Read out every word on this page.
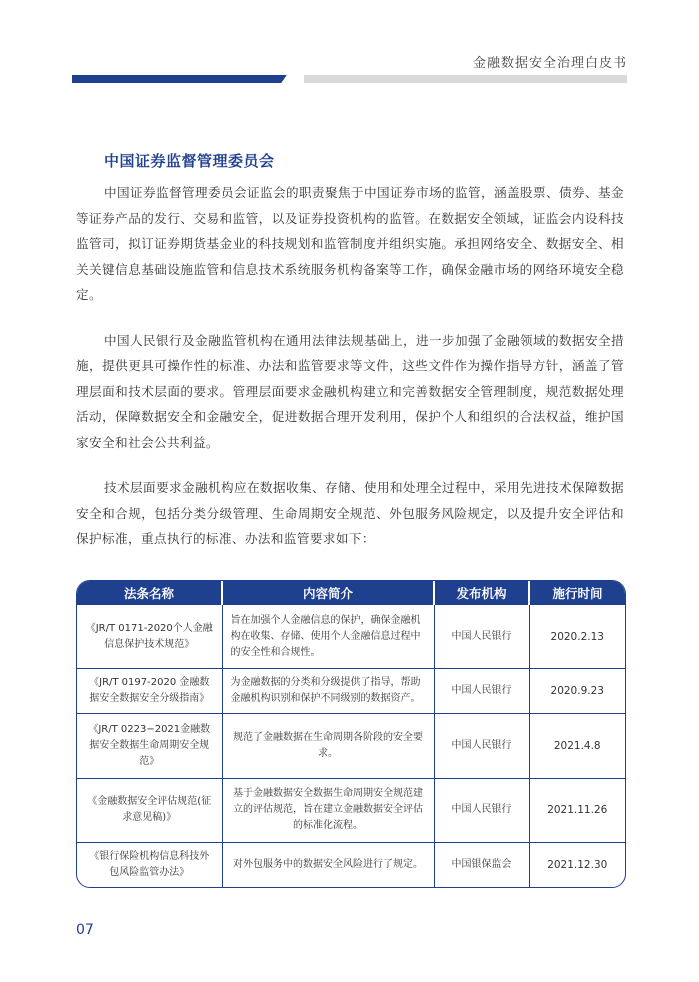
金融数据安全治理白皮书
中国证券监督管理委员会

中国证券监督管理委员会证监会的职责聚焦于中国证券市场的监管，涵盖股票、债券、基金等证券产品的发行、交易和监管，以及证券投资机构的监管。在数据安全领域，证监会内设科技监管司，拟订证券期货基金业的科技规划和监管制度并组织实施。承担网络安全、数据安全、相关关键信息基础设施监管和信息技术系统服务机构备案等工作，确保金融市场的网络环境安全稳定。

中国人民银行及金融监管机构在通用法律法规基础上，进一步加强了金融领域的数据安全措施，提供更具可操作性的标准、办法和监管要求等文件，这些文件作为操作指导方针，涵盖了管理层面和技术层面的要求。管理层面要求金融机构建立和完善数据安全管理制度，规范数据处理活动，保障数据安全和金融安全，促进数据合理开发利用，保护个人和组织的合法权益，维护国家安全和社会公共利益。

技术层面要求金融机构应在数据收集、存储、使用和处理全过程中，采用先进技术保障数据安全和合规，包括分类分级管理、生命周期安全规范、外包服务风险规定，以及提升安全评估和保护标准，重点执行的标准、办法和监管要求如下：

法条名称	内容简介	发布机构	施行时间
《JR/T 0171-2020个人金融信息保护技术规范》	旨在加强个人金融信息的保护，确保金融机构在收集、存储、使用个人金融信息过程中的安全性和合规性。	中国人民银行	2020.2.13
《JR/T 0197-2020 金融数据安全数据安全分级指南》	为金融数据的分类和分级提供了指导，帮助金融机构识别和保护不同级别的数据资产。	中国人民银行	2020.9.23
《JR/T 0223−2021金融数据安全数据生命周期安全规范》	规范了金融数据在生命周期各阶段的安全要求。	中国人民银行	2021.4.8
《金融数据安全评估规范(征求意见稿)》	基于金融数据安全数据生命周期安全规范建立的评估规范，旨在建立金融数据安全评估的标准化流程。	中国人民银行	2021.11.26
《银行保险机构信息科技外包风险监管办法》	对外包服务中的数据安全风险进行了规定。	中国银保监会	2021.12.30
07
